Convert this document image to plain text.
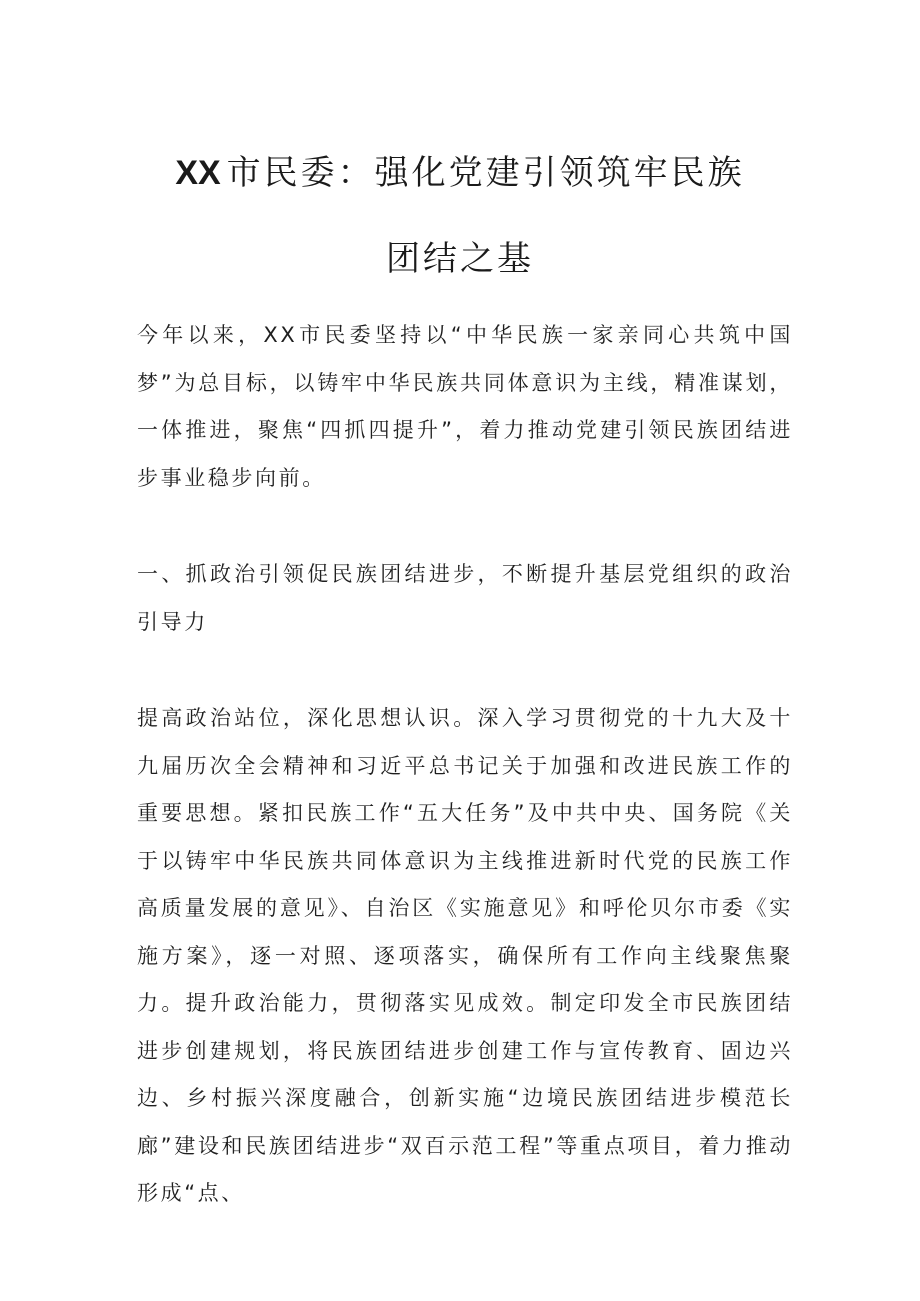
XX 市民委：强化党建引领筑牢民族
团结之基

今年以来，XX市民委坚持以“中华民族一家亲同心共筑中国梦”为总目标，以铸牢中华民族共同体意识为主线，精准谋划，一体推进，聚焦“四抓四提升”，着力推动党建引领民族团结进步事业稳步向前。

一、抓政治引领促民族团结进步，不断提升基层党组织的政治引导力

提高政治站位，深化思想认识。深入学习贯彻党的十九大及十九届历次全会精神和习近平总书记关于加强和改进民族工作的重要思想。紧扣民族工作“五大任务”及中共中央、国务院《关于以铸牢中华民族共同体意识为主线推进新时代党的民族工作高质量发展的意见》、自治区《实施意见》和呼伦贝尔市委《实施方案》，逐一对照、逐项落实，确保所有工作向主线聚焦聚力。提升政治能力，贯彻落实见成效。制定印发全市民族团结进步创建规划，将民族团结进步创建工作与宣传教育、固边兴边、乡村振兴深度融合，创新实施“边境民族团结进步模范长廊”建设和民族团结进步“双百示范工程”等重点项目，着力推动形成“点、
